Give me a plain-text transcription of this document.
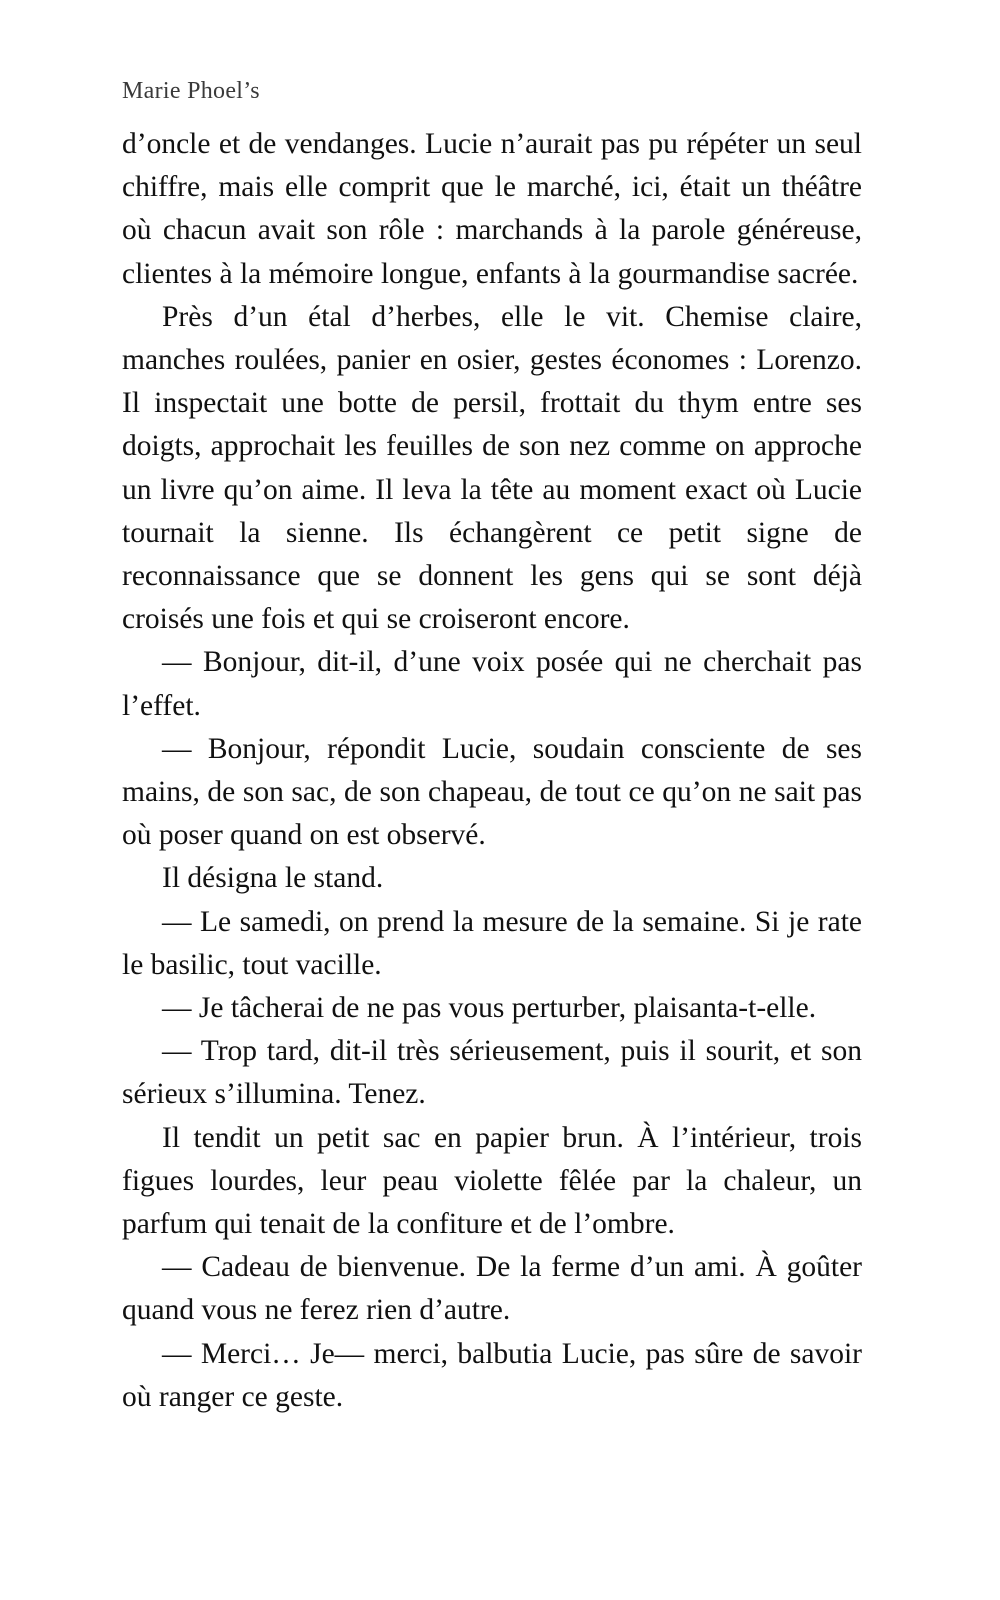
Marie Phoel’s

d’oncle et de vendanges. Lucie n’aurait pas pu répéter un seul chiffre, mais elle comprit que le marché, ici, était un théâtre où chacun avait son rôle : marchands à la parole généreuse, clientes à la mémoire longue, enfants à la gourmandise sacrée.

Près d’un étal d’herbes, elle le vit. Chemise claire, manches roulées, panier en osier, gestes économes : Lorenzo. Il inspectait une botte de persil, frottait du thym entre ses doigts, approchait les feuilles de son nez comme on approche un livre qu’on aime. Il leva la tête au moment exact où Lucie tournait la sienne. Ils échangèrent ce petit signe de reconnaissance que se donnent les gens qui se sont déjà croisés une fois et qui se croiseront encore.

— Bonjour, dit-il, d’une voix posée qui ne cherchait pas l’effet.

— Bonjour, répondit Lucie, soudain consciente de ses mains, de son sac, de son chapeau, de tout ce qu’on ne sait pas où poser quand on est observé.

Il désigna le stand.

— Le samedi, on prend la mesure de la semaine. Si je rate le basilic, tout vacille.

— Je tâcherai de ne pas vous perturber, plaisanta-t-elle.

— Trop tard, dit-il très sérieusement, puis il sourit, et son sérieux s’illumina. Tenez.

Il tendit un petit sac en papier brun. À l’intérieur, trois figues lourdes, leur peau violette fêlée par la chaleur, un parfum qui tenait de la confiture et de l’ombre.

— Cadeau de bienvenue. De la ferme d’un ami. À goûter quand vous ne ferez rien d’autre.

— Merci… Je— merci, balbutia Lucie, pas sûre de savoir où ranger ce geste.
